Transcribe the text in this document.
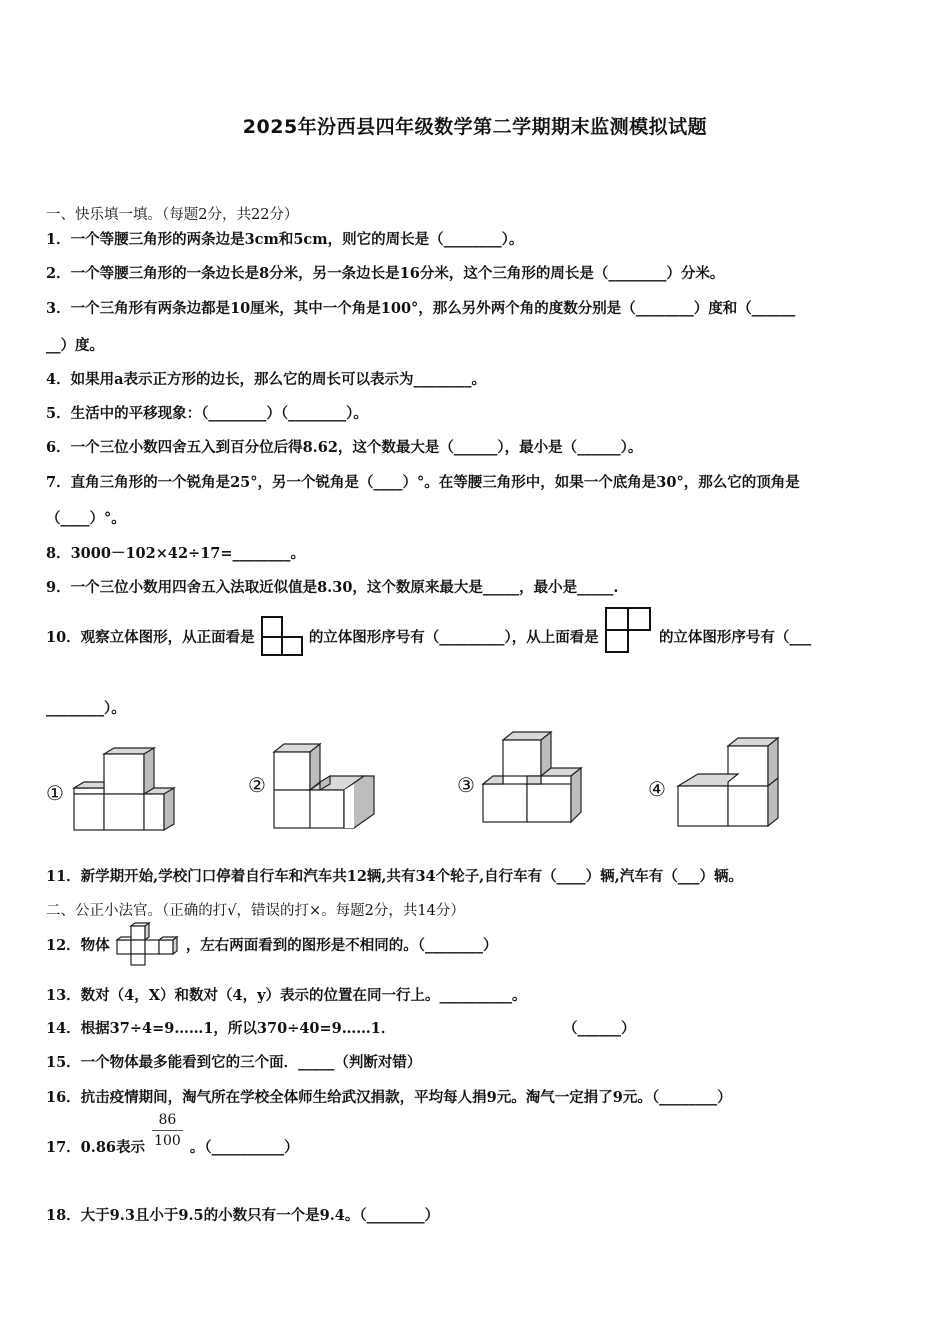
2025年汾西县四年级数学第二学期期末监测模拟试题
一、快乐填一填。（每题2分，共22分）
1．一个等腰三角形的两条边是3cm和5cm，则它的周长是（________）。
2．一个等腰三角形的一条边长是8分米，另一条边长是16分米，这个三角形的周长是（________）分米。
3．一个三角形有两条边都是10厘米，其中一个角是100°，那么另外两个角的度数分别是（________）度和（______
__）度。
4．如果用a表示正方形的边长，那么它的周长可以表示为________。
5．生活中的平移现象：（________）（________）。
6．一个三位小数四舍五入到百分位后得8.62，这个数最大是（______），最小是（______）。
7．直角三角形的一个锐角是25°，另一个锐角是（____）°。在等腰三角形中，如果一个底角是30°，那么它的顶角是
（____）°。
8．3000－102×42÷17=________。
9．一个三位小数用四舍五入法取近似值是8.30，这个数原来最大是_____，最小是_____.
10．观察立体图形，从正面看是	的立体图形序号有（_________），从上面看是	的立体图形序号有（___
________）。
①	②	③	④
11．新学期开始,学校门口停着自行车和汽车共12辆,共有34个轮子,自行车有（____）辆,汽车有（___）辆。
二、公正小法官。（正确的打√，错误的打×。每题2分，共14分）
12．物体	，左右两面看到的图形是不相同的。（________）
13．数对（4，X）和数对（4，y）表示的位置在同一行上。__________。
14．根据37÷4=9……1，所以370÷40=9……1．	（______）
15．一个物体最多能看到它的三个面．_____（判断对错）
16．抗击疫情期间，淘气所在学校全体师生给武汉捐款，平均每人捐9元。淘气一定捐了9元。（________）
17．0.86表示 $\frac{86}{100}$ 。（__________）
18．大于9.3且小于9.5的小数只有一个是9.4。（________）
